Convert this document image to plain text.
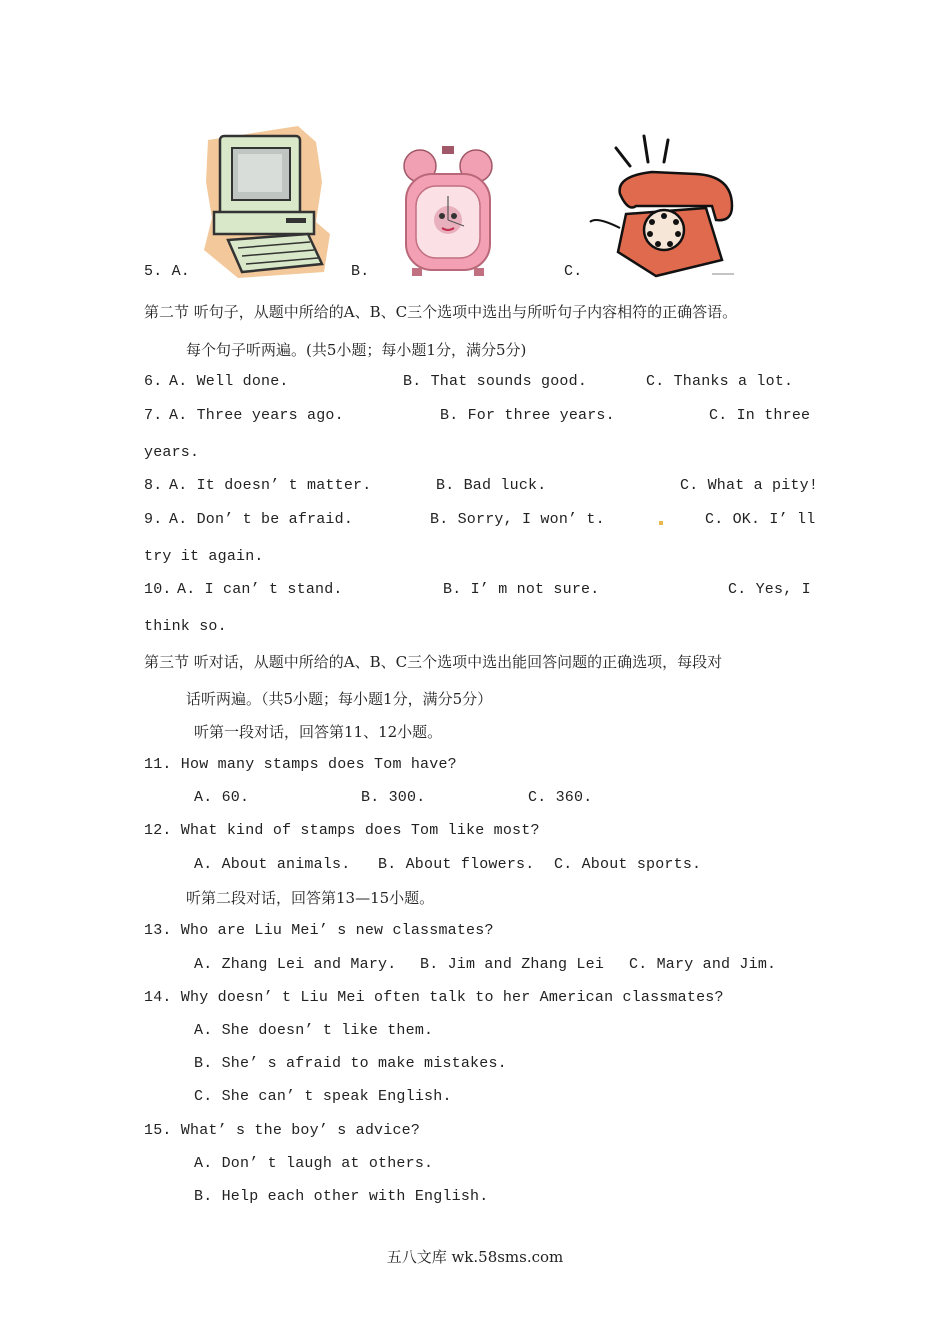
5. A.	B.	C.
第二节 听句子，从题中所给的A、B、C三个选项中选出与所听句子内容相符的正确答语。
每个句子听两遍。(共5小题；每小题1分，满分5分)
6. A. Well done.	B. That sounds good.	C. Thanks a lot.
7. A. Three years ago.	B. For three years.	C. In three
years.
8. A. It doesn’ t matter.	B. Bad luck.	C. What a pity!
9. A. Don’ t be afraid.	B. Sorry, I won’ t.	C. OK. I’ ll
try it again.
10. A. I can’ t stand.	B. I’ m not sure.	C. Yes, I
think so.
第三节 听对话，从题中所给的A、B、C三个选项中选出能回答问题的正确选项，每段对
话听两遍。（共5小题；每小题1分，满分5分）
听第一段对话，回答第11、12小题。
11. How many stamps does Tom have?
A. 60.	B. 300.	C. 360.
12. What kind of stamps does Tom like most?
A. About animals. B. About flowers. C. About sports.
听第二段对话，回答第13—15小题。
13. Who are Liu Mei’ s new classmates?
A. Zhang Lei and Mary. B. Jim and Zhang Lei C. Mary and Jim.
14. Why doesn’ t Liu Mei often talk to her American classmates?
A. She doesn’ t like them.
B. She’ s afraid to make mistakes.
C. She can’ t speak English.
15. What’ s the boy’ s advice?
A. Don’ t laugh at others.
B. Help each other with English.
五八文库 wk.58sms.com
